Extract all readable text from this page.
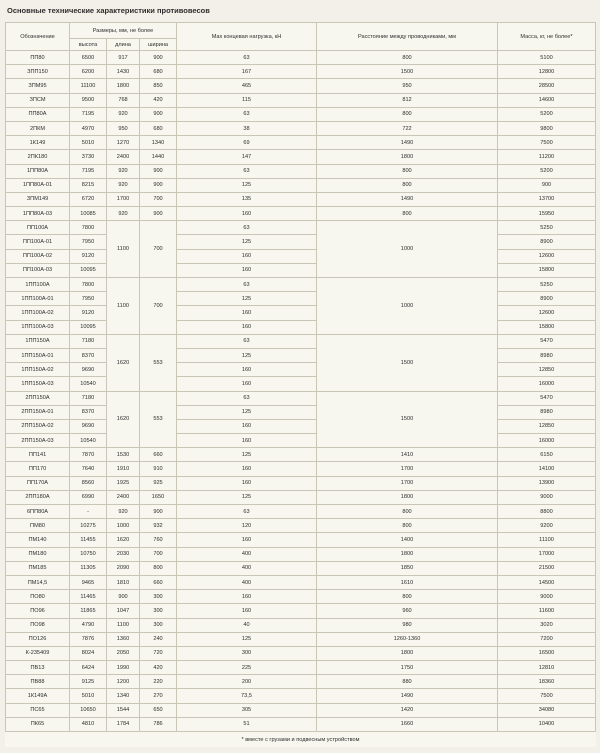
Основные технические характеристики противовесов
Обозначение	Размеры, мм, не более			Max концевая нагрузка, кН	Расстояние между проводниками, мм	Масса, кг, не более*
	высота	длина	ширина			
ПП80	6500	917	900	63	800	5100
ЗПП150	6200	1430	680	167	1500	12800
ЗПМ95	11100	1800	850	465	950	28500
ЗПСМ	9500	768	420	115	812	14600
ПП80А	7195	920	900	63	800	5200
2ПКМ	4970	950	680	38	722	9800
1К149	5010	1270	1340	69	1490	7500
2ПК180	3730	2400	1440	147	1800	11200
1ПП80А	7195	920	900	63	800	5200
1ПП80А-01	8215	920	900	125	800	900
ЗПМ149	6720	1700	700	135	1490	13700
1ПП80А-03	10085	920	900	160	800	15950
ПП100А	7800	1100	700	63	1000	5250
ПП100А-01	7950			125		8900
ПП100А-02	9120			160		12600
ПП100А-03	10095			160		15800
1ПП100А	7800	1100	700	63	1000	5250
1ПП100А-01	7950			125		8900
1ПП100А-02	9120			160		12600
1ПП100А-03	10095			160		15800
1ПП150А	7180	1620	553	63	1500	5470
1ПП150А-01	8370			125		8980
1ПП150А-02	9690			160		12850
1ПП150А-03	10540			160		16000
2ПП150А	7180	1620	553	63	1500	5470
2ПП150А-01	8370			125		8980
2ПП150А-02	9690			160		12850
2ПП150А-03	10540			160		16000
ПП141	7870	1530	660	125	1410	6150
ПП170	7640	1910	910	160	1700	14100
ПП170А	8560	1925	925	160	1700	13900
2ПП180А	6990	2400	1650	125	1800	9000
6ПП80А	-	920	900	63	800	8800
ПМ80	10275	1000	932	120	800	9200
ПМ140	11455	1620	760	160	1400	11100
ПМ180	10750	2030	700	400	1800	17000
ПМ185	11305	2090	800	400	1850	21500
ПМ14,5	9465	1810	660	400	1610	14500
ПО80	11465	900	300	160	800	9000
ПО96	11865	1047	300	160	960	11600
ПО98	4790	1100	300	40	980	3020
ПО126	7876	1360	240	125	1260-1360	7200
К-235409	8024	2050	720	300	1800	16500
ПВ13	6424	1990	420	225	1750	12810
ПВ88	9125	1200	220	200	880	18360
1К149А	5010	1340	270	73,5	1490	7500
ПС65	10650	1544	650	305	1420	34080
ПК65	4810	1784	786	51	1660	10400
* вместе с грузами и подвесным устройством						
